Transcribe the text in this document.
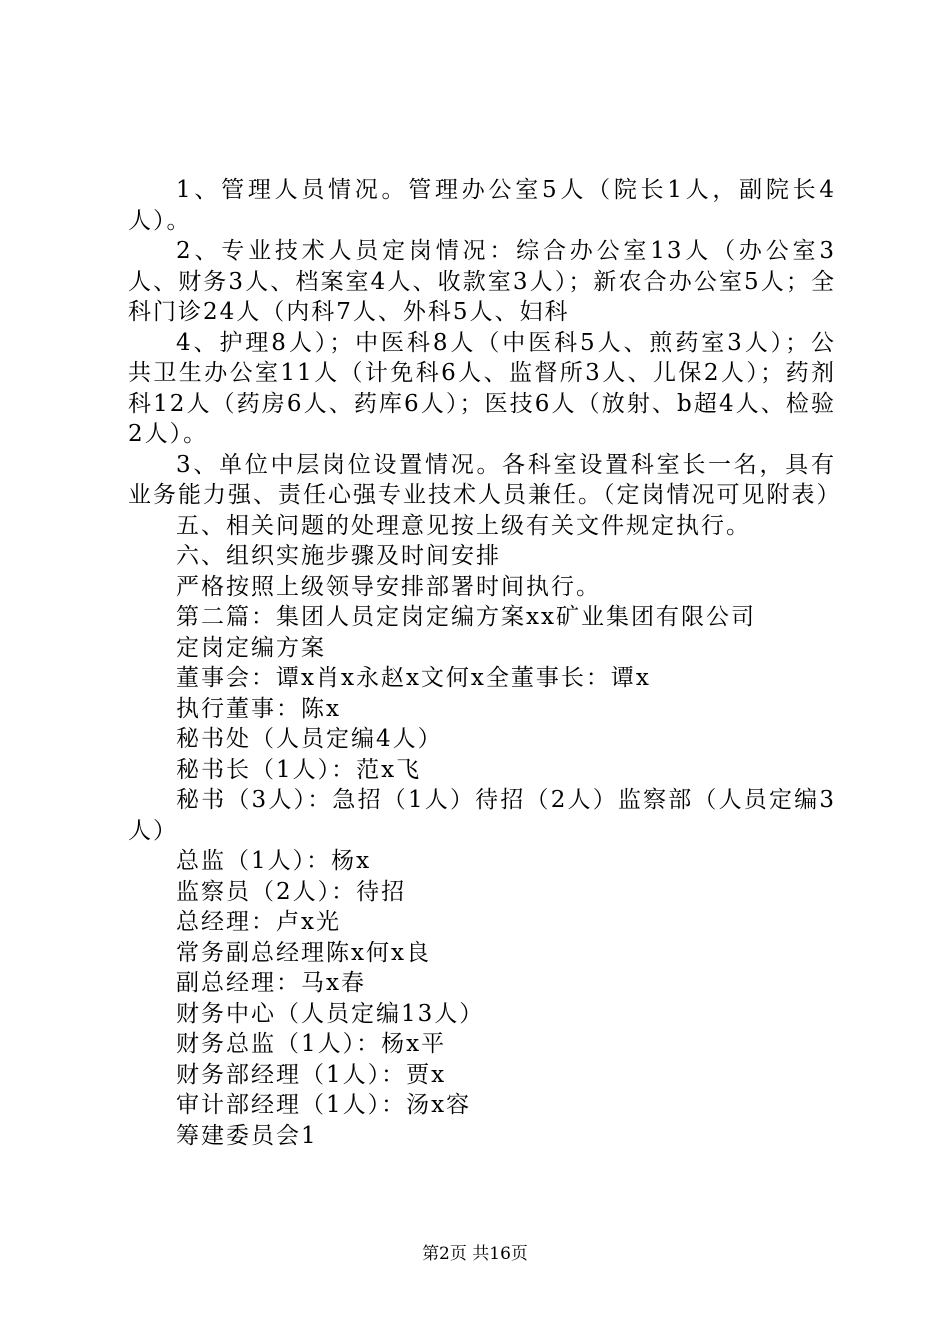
1、管理人员情况。管理办公室5人（院长1人，副院长4人）。

2、专业技术人员定岗情况：综合办公室13人（办公室3人、财务3人、档案室4人、收款室3人）；新农合办公室5人；全科门诊24人（内科7人、外科5人、妇科

4、护理8人）；中医科8人（中医科5人、煎药室3人）；公共卫生办公室11人（计免科6人、监督所3人、儿保2人）；药剂科12人（药房6人、药库6人）；医技6人（放射、b超4人、检验2人）。

3、单位中层岗位设置情况。各科室设置科室长一名，具有业务能力强、责任心强专业技术人员兼任。（定岗情况可见附表）

五、相关问题的处理意见按上级有关文件规定执行。

六、组织实施步骤及时间安排

严格按照上级领导安排部署时间执行。

第二篇：集团人员定岗定编方案xx矿业集团有限公司

定岗定编方案

董事会：谭x肖x永赵x文何x全董事长：谭x

执行董事：陈x

秘书处（人员定编4人）

秘书长（1人）：范x飞

秘书（3人）：急招（1人）待招（2人）监察部（人员定编3人）

总监（1人）：杨x

监察员（2人）：待招

总经理：卢x光

常务副总经理陈x何x良

副总经理：马x春

财务中心（人员定编13人）

财务总监（1人）：杨x平

财务部经理（1人）：贾x

审计部经理（1人）：汤x容

筹建委员会1

第2页 共16页
